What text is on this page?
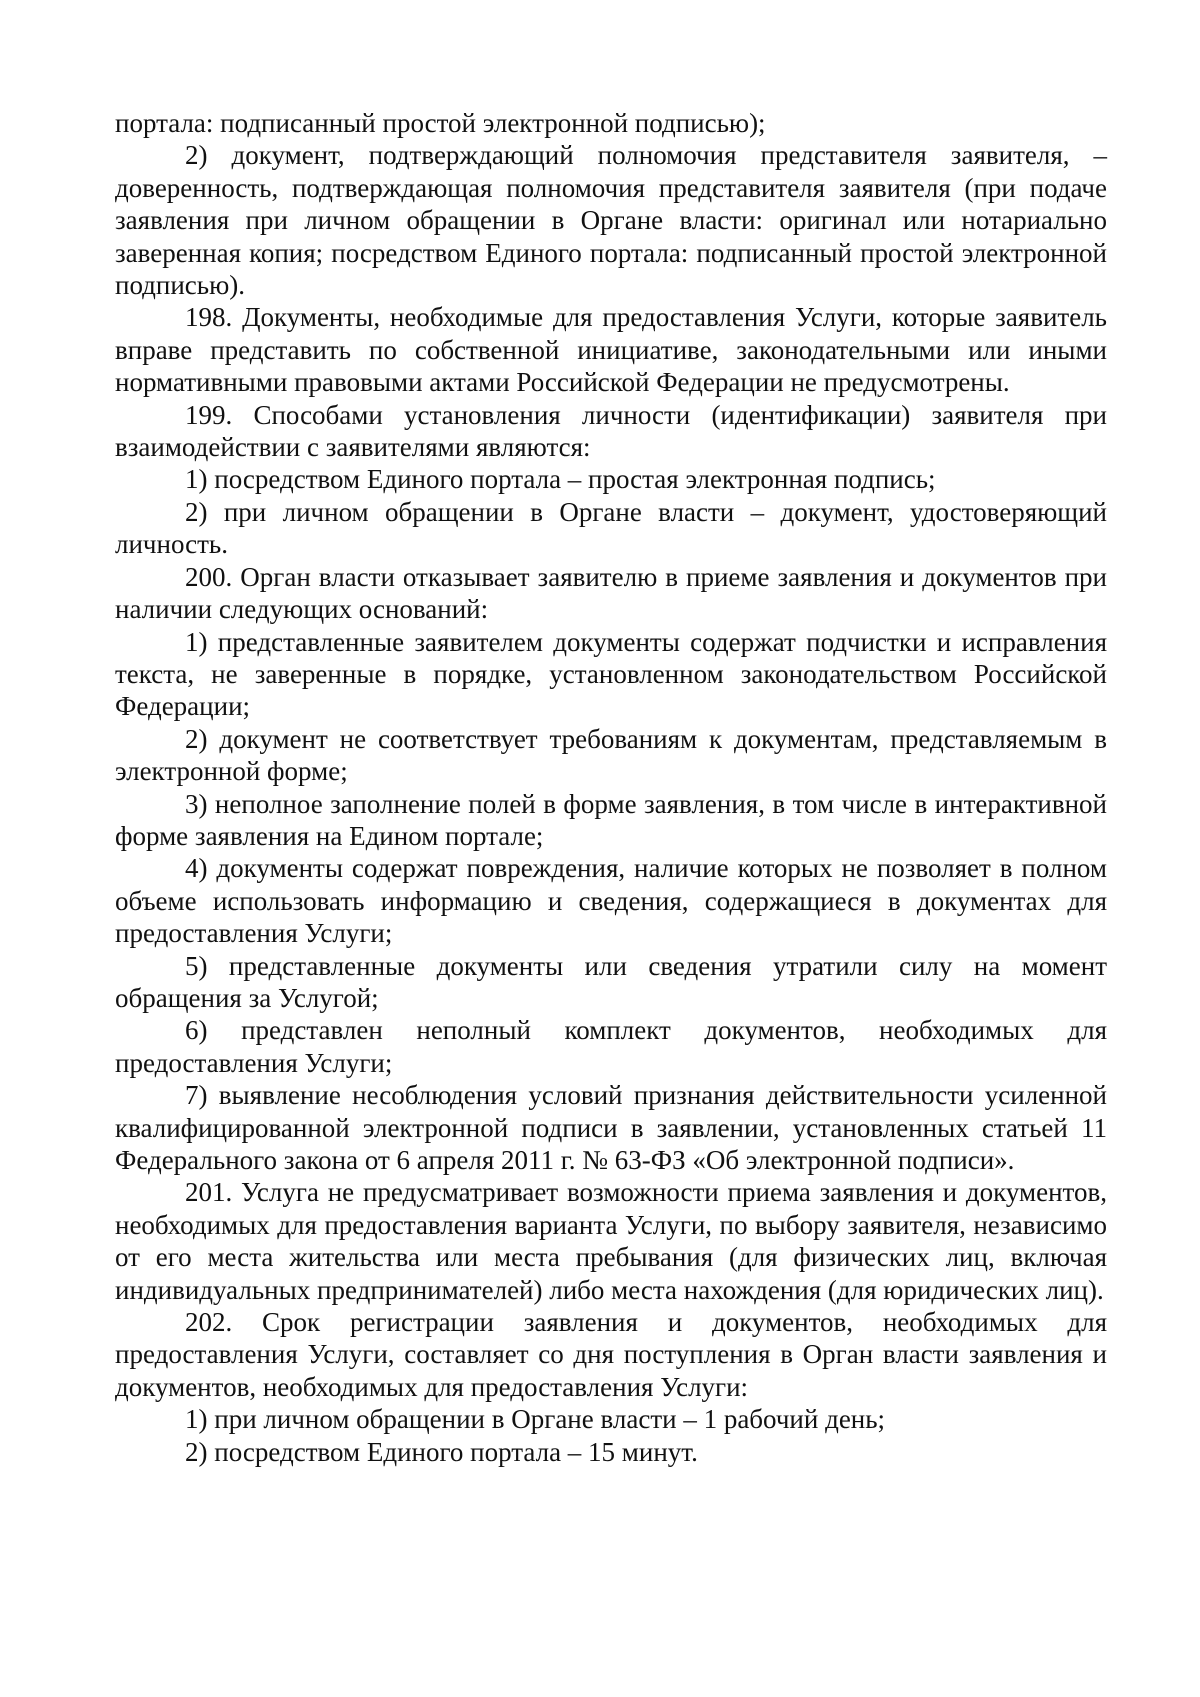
портала: подписанный простой электронной подписью);

2) документ, подтверждающий полномочия представителя заявителя, – доверенность, подтверждающая полномочия представителя заявителя (при подаче заявления при личном обращении в Органе власти: оригинал или нотариально заверенная копия; посредством Единого портала: подписанный простой электронной подписью).

198. Документы, необходимые для предоставления Услуги, которые заявитель вправе представить по собственной инициативе, законодательными или иными нормативными правовыми актами Российской Федерации не предусмотрены.

199. Способами установления личности (идентификации) заявителя при взаимодействии с заявителями являются:

1) посредством Единого портала – простая электронная подпись;

2) при личном обращении в Органе власти – документ, удостоверяющий личность.

200. Орган власти отказывает заявителю в приеме заявления и документов при наличии следующих оснований:

1) представленные заявителем документы содержат подчистки и исправления текста, не заверенные в порядке, установленном законодательством Российской Федерации;

2) документ не соответствует требованиям к документам, представляемым в электронной форме;

3) неполное заполнение полей в форме заявления, в том числе в интерактивной форме заявления на Едином портале;

4) документы содержат повреждения, наличие которых не позволяет в полном объеме использовать информацию и сведения, содержащиеся в документах для предоставления Услуги;

5) представленные документы или сведения утратили силу на момент обращения за Услугой;

6) представлен неполный комплект документов, необходимых для предоставления Услуги;

7) выявление несоблюдения условий признания действительности усиленной квалифицированной электронной подписи в заявлении, установленных статьей 11 Федерального закона от 6 апреля 2011 г. № 63-ФЗ «Об электронной подписи».

201. Услуга не предусматривает возможности приема заявления и документов, необходимых для предоставления варианта Услуги, по выбору заявителя, независимо от его места жительства или места пребывания (для физических лиц, включая индивидуальных предпринимателей) либо места нахождения (для юридических лиц).

202. Срок регистрации заявления и документов, необходимых для предоставления Услуги, составляет со дня поступления в Орган власти заявления и документов, необходимых для предоставления Услуги:

1) при личном обращении в Органе власти – 1 рабочий день;

2) посредством Единого портала – 15 минут.
